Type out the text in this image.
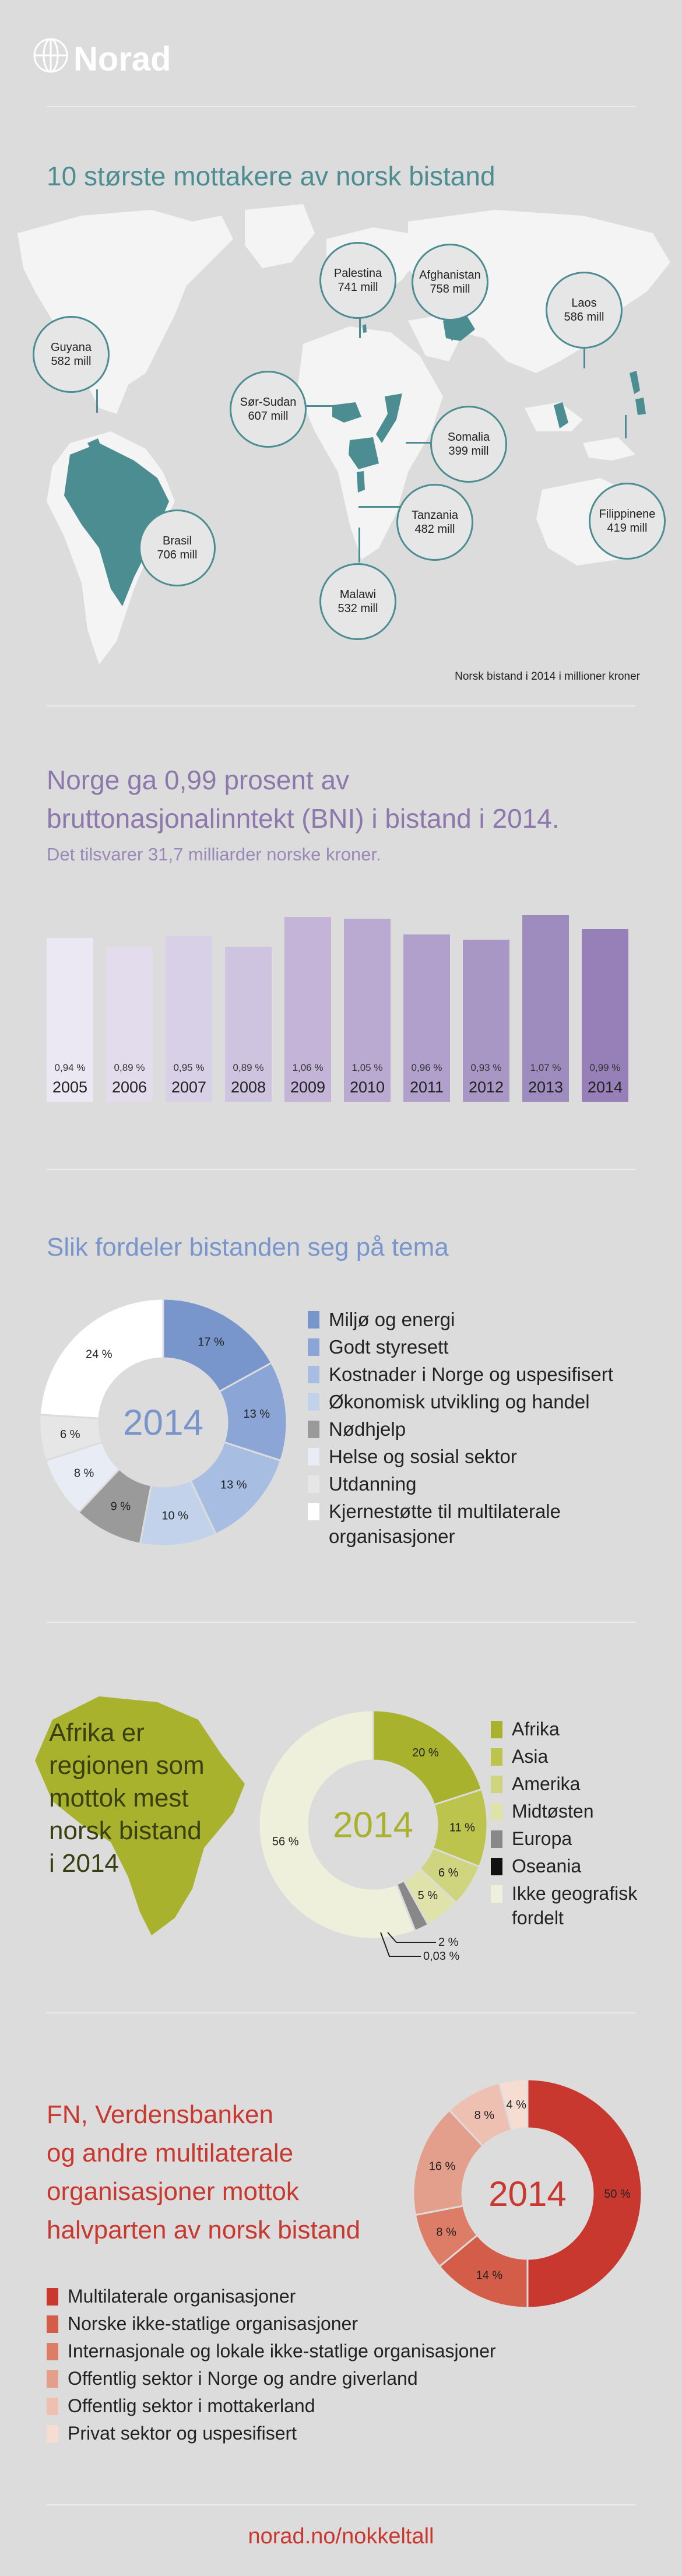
Norad
10 største mottakere av norsk bistand
Guyana
582 mill
Palestina
741 mill
Afghanistan
758 mill
Laos
586 mill
Sør-Sudan
607 mill
Somalia
399 mill
Brasil
706 mill
Tanzania
482 mill
Filippinene
419 mill
Malawi
532 mill
Norsk bistand i 2014 i millioner kroner
Norge ga 0,99 prosent av
bruttonasjonalinntekt (BNI) i bistand i 2014.
Det tilsvarer 31,7 milliarder norske kroner.
0,94 %
2005
0,89 %
2006
0,95 %
2007
0,89 %
2008
1,06 %
2009
1,05 %
2010
0,96 %
2011
0,93 %
2012
1,07 %
2013
0,99 %
2014
Slik fordeler bistanden seg på tema
17 %
13 %
13 %
10 %
9 %
8 %
6 %
24 %
2014
Miljø og energi
Godt styresett
Kostnader i Norge og uspesifisert
Økonomisk utvikling og handel
Nødhjelp
Helse og sosial sektor
Utdanning
Kjernestøtte til multilaterale
organisasjoner
Afrika er
regionen som
mottok mest
norsk bistand
i 2014
20 %
11 %
6 %
5 %
56 % 2014
2 %
0,03 %
Afrika
Asia
Amerika
Midtøsten
Europa
Oseania
Ikke geografisk
fordelt
FN, Verdensbanken
og andre multilaterale
organisasjoner mottok
halvparten av norsk bistand
50 %
14 %
8 %
16 %
8 %
4 %
2014
Multilaterale organisasjoner
Norske ikke-statlige organisasjoner
Internasjonale og lokale ikke-statlige organisasjoner
Offentlig sektor i Norge og andre giverland
Offentlig sektor i mottakerland
Privat sektor og uspesifisert
norad.no/nokkeltall
